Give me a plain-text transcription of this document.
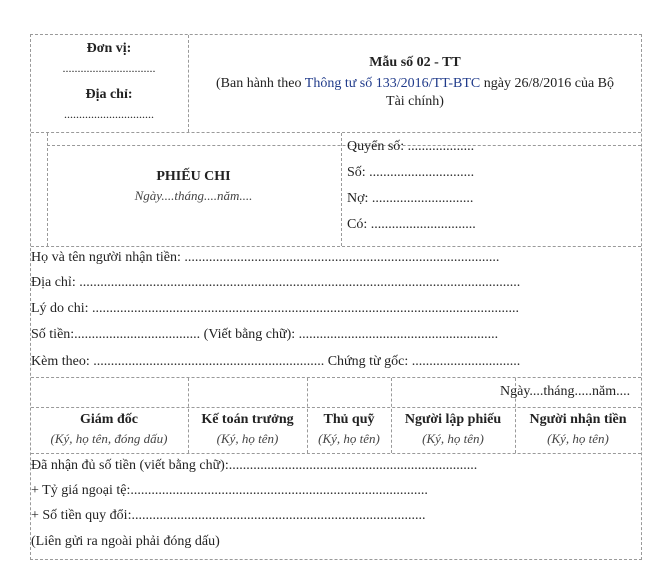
Đơn vị:
...............................
Địa chỉ:
..............................
Mẫu số 02 - TT
(Ban hành theo Thông tư số 133/2016/TT-BTC ngày 26/8/2016 của Bộ
Tài chính)
PHIẾU CHI
Ngày....tháng....năm....
Quyển số: ...................
Số: ..............................
Nợ: .............................
Có: ..............................
Họ và tên người nhận tiền: ..........................................................................................
Địa chỉ: ..............................................................................................................................
Lý do chi: ..........................................................................................................................
Số tiền:.................................... (Viết bằng chữ): .........................................................
Kèm theo: .................................................................. Chứng từ gốc: ...............................
Ngày....tháng.....năm....
Giám đốc
(Ký, họ tên, đóng dấu)
Kế toán trưởng
(Ký, họ tên)
Thủ quỹ
(Ký, họ tên)
Người lập phiếu
(Ký, họ tên)
Người nhận tiền
(Ký, họ tên)
Đã nhận đủ số tiền (viết bằng chữ):.......................................................................
+ Tỷ giá ngoại tệ:.....................................................................................
+ Số tiền quy đổi:....................................................................................
(Liên gửi ra ngoài phải đóng dấu)
